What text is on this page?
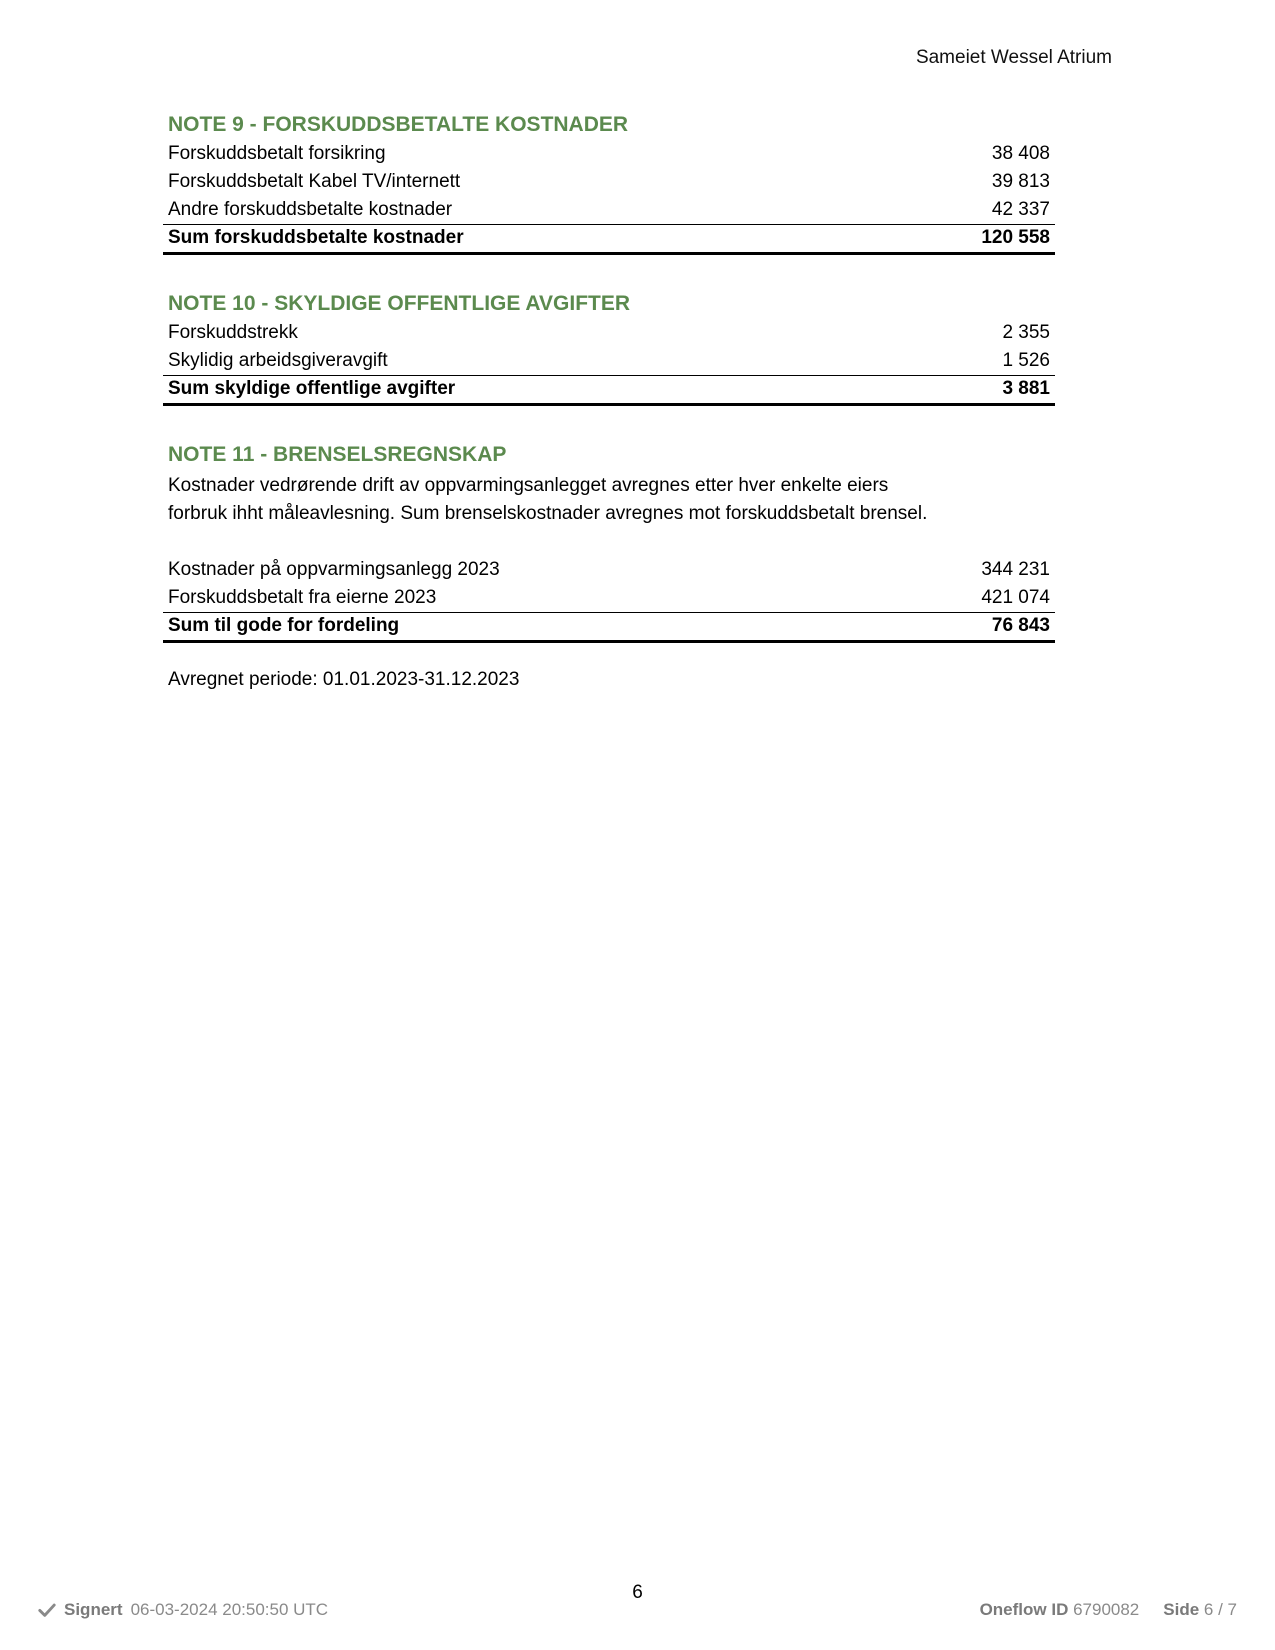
Sameiet Wessel Atrium
NOTE 9 - FORSKUDDSBETALTE KOSTNADER
Forskuddsbetalt forsikring	38 408
Forskuddsbetalt Kabel TV/internett	39 813
Andre forskuddsbetalte kostnader	42 337
Sum forskuddsbetalte kostnader	120 558
NOTE 10 - SKYLDIGE OFFENTLIGE AVGIFTER
Forskuddstrekk	2 355
Skylidig arbeidsgiveravgift	1 526
Sum skyldige offentlige avgifter	3 881
NOTE 11 - BRENSELSREGNSKAP
Kostnader vedrørende drift av oppvarmingsanlegget avregnes etter hver enkelte eiers
forbruk ihht måleavlesning. Sum brenselskostnader avregnes mot forskuddsbetalt brensel.
Kostnader på oppvarmingsanlegg 2023	344 231
Forskuddsbetalt fra eierne 2023	421 074
Sum til gode for fordeling	76 843
Avregnet periode: 01.01.2023-31.12.2023
6
Signert 06-03-2024 20:50:50 UTC	Oneflow ID 6790082 Side 6 / 7
